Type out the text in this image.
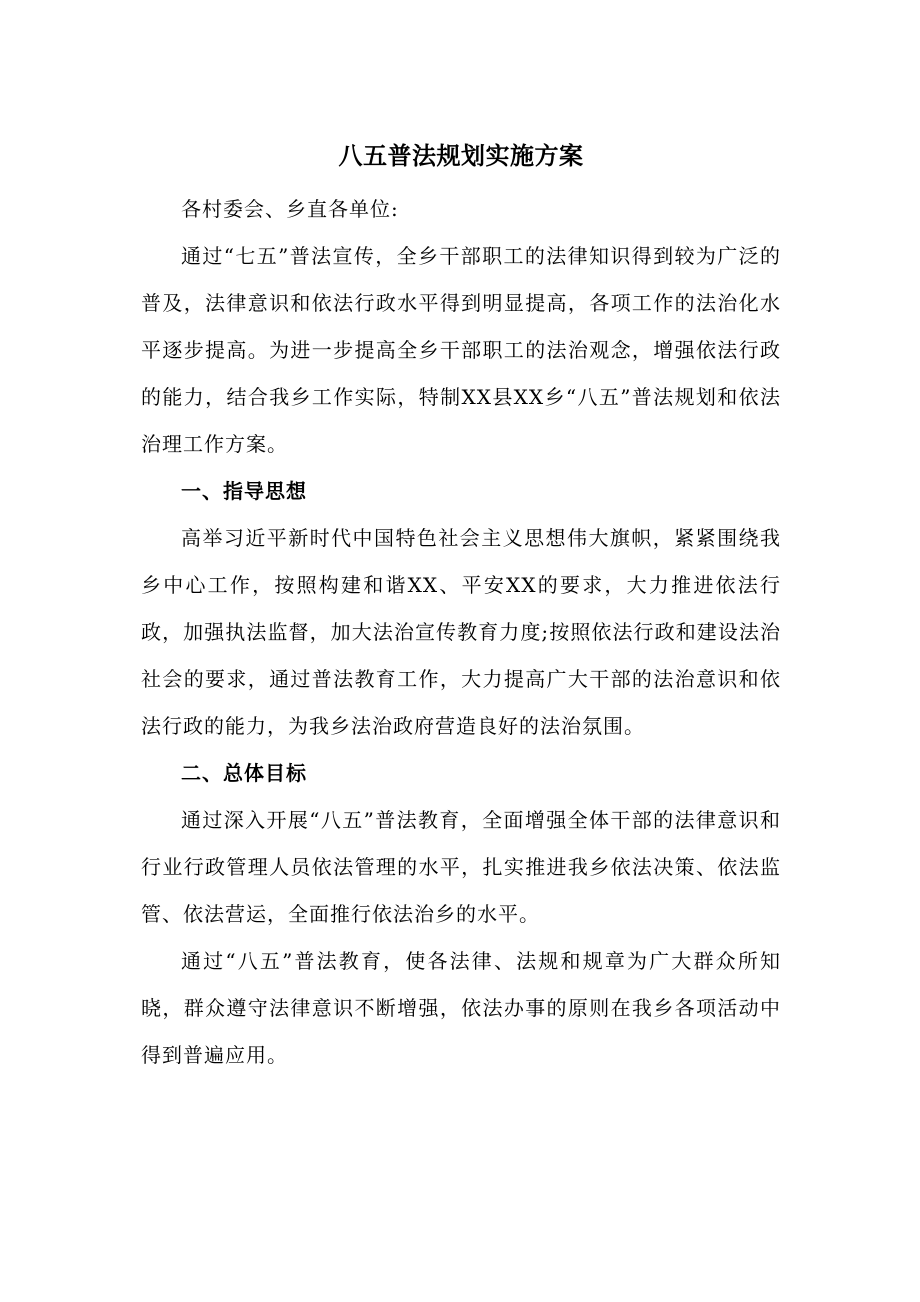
八五普法规划实施方案

各村委会、乡直各单位:

通过“七五”普法宣传，全乡干部职工的法律知识得到较为广泛的普及，法律意识和依法行政水平得到明显提高，各项工作的法治化水平逐步提高。为进一步提高全乡干部职工的法治观念，增强依法行政的能力，结合我乡工作实际，特制XX县XX乡“八五”普法规划和依法治理工作方案。

一、指导思想

高举习近平新时代中国特色社会主义思想伟大旗帜，紧紧围绕我乡中心工作，按照构建和谐XX、平安XX的要求，大力推进依法行政，加强执法监督，加大法治宣传教育力度;按照依法行政和建设法治社会的要求，通过普法教育工作，大力提高广大干部的法治意识和依法行政的能力，为我乡法治政府营造良好的法治氛围。

二、总体目标

通过深入开展“八五”普法教育，全面增强全体干部的法律意识和行业行政管理人员依法管理的水平，扎实推进我乡依法决策、依法监管、依法营运，全面推行依法治乡的水平。

通过“八五”普法教育，使各法律、法规和规章为广大群众所知晓，群众遵守法律意识不断增强，依法办事的原则在我乡各项活动中得到普遍应用。
